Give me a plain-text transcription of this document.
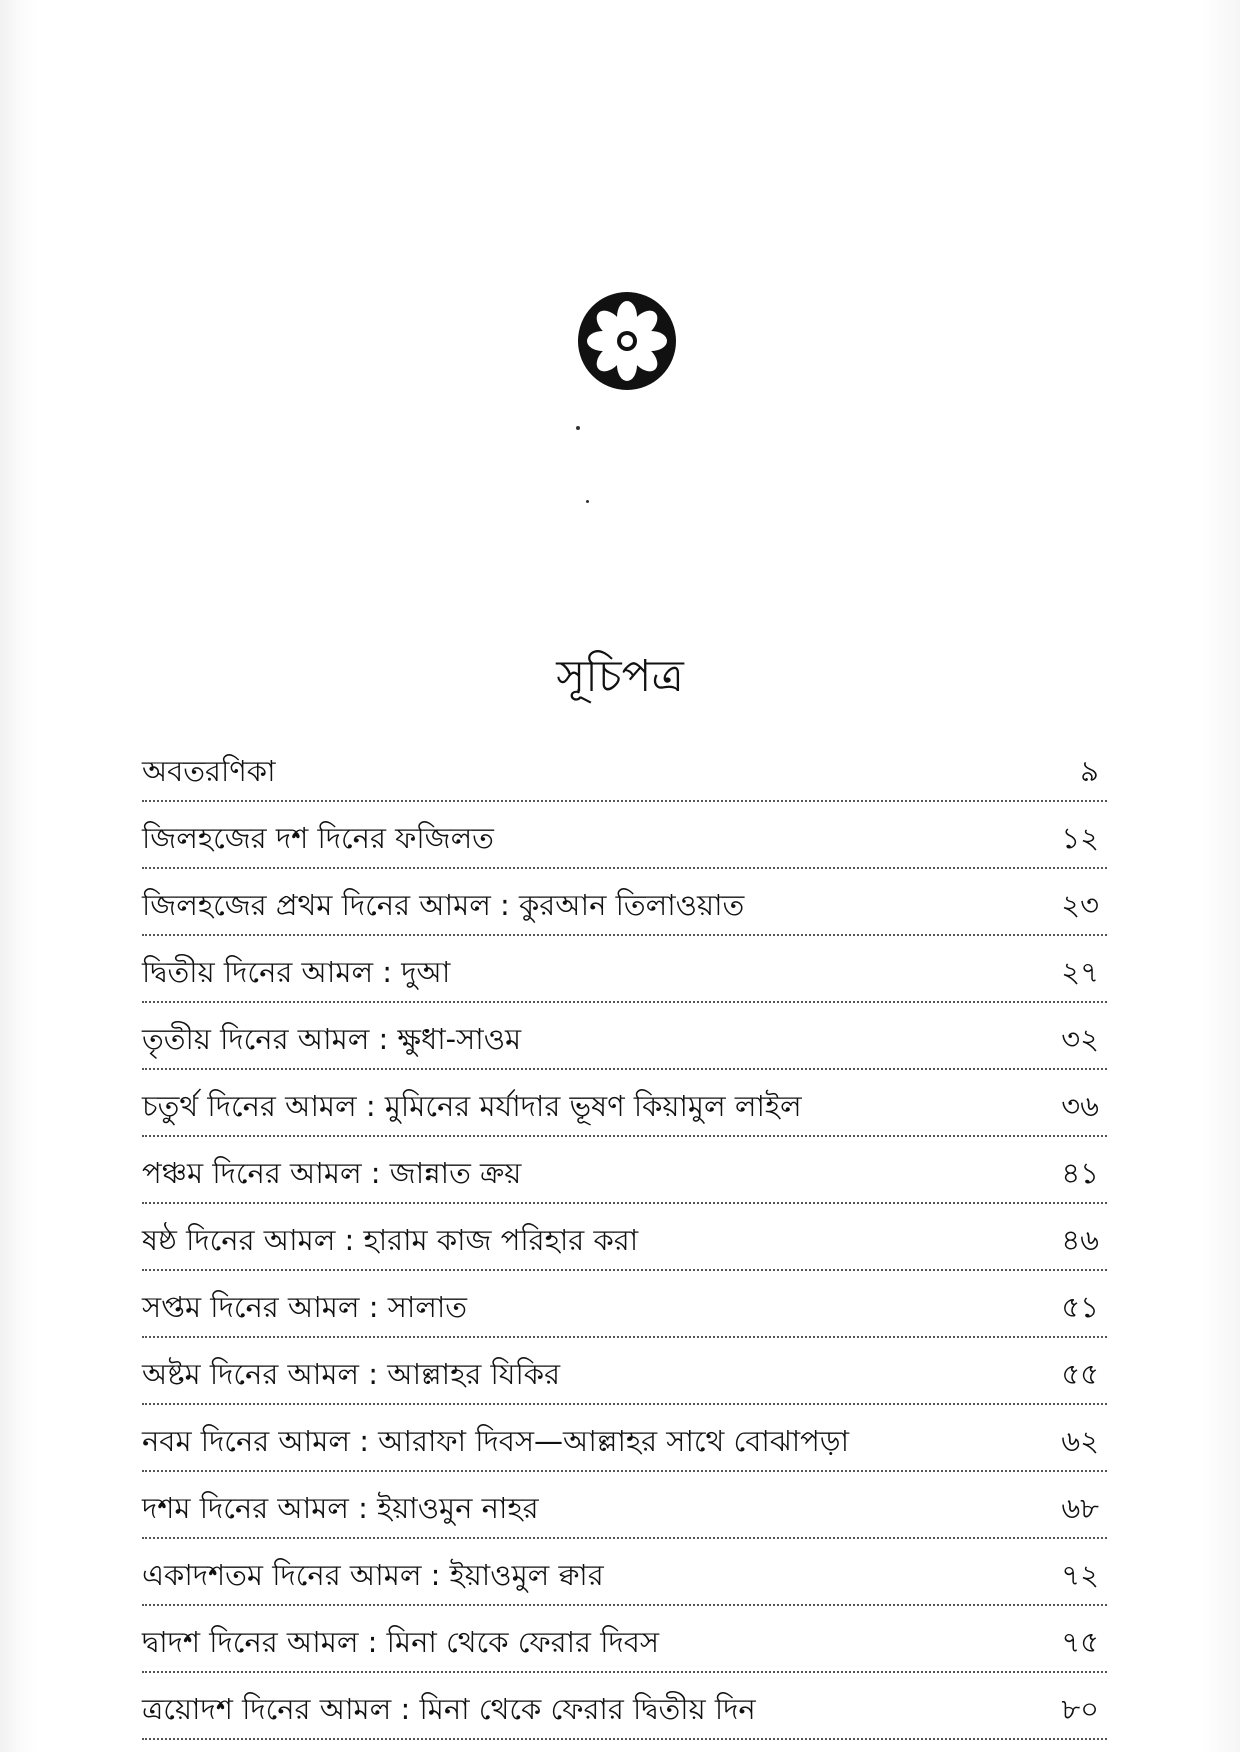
সূচিপত্র
অবতরণিকা	৯
জিলহজের দশ দিনের ফজিলত	১২
জিলহজের প্রথম দিনের আমল : কুরআন তিলাওয়াত	২৩
দ্বিতীয় দিনের আমল : দুআ	২৭
তৃতীয় দিনের আমল : ক্ষুধা-সাওম	৩২
চতুর্থ দিনের আমল : মুমিনের মর্যাদার ভূষণ কিয়ামুল লাইল	৩৬
পঞ্চম দিনের আমল : জান্নাত ক্রয়	৪১
ষষ্ঠ দিনের আমল : হারাম কাজ পরিহার করা	৪৬
সপ্তম দিনের আমল : সালাত	৫১
অষ্টম দিনের আমল : আল্লাহর যিকির	৫৫
নবম দিনের আমল : আরাফা দিবস—আল্লাহর সাথে বোঝাপড়া	৬২
দশম দিনের আমল : ইয়াওমুন নাহর	৬৮
একাদশতম দিনের আমল : ইয়াওমুল ক্বার	৭২
দ্বাদশ দিনের আমল : মিনা থেকে ফেরার দিবস	৭৫
ত্রয়োদশ দিনের আমল : মিনা থেকে ফেরার দ্বিতীয় দিন	৮০
